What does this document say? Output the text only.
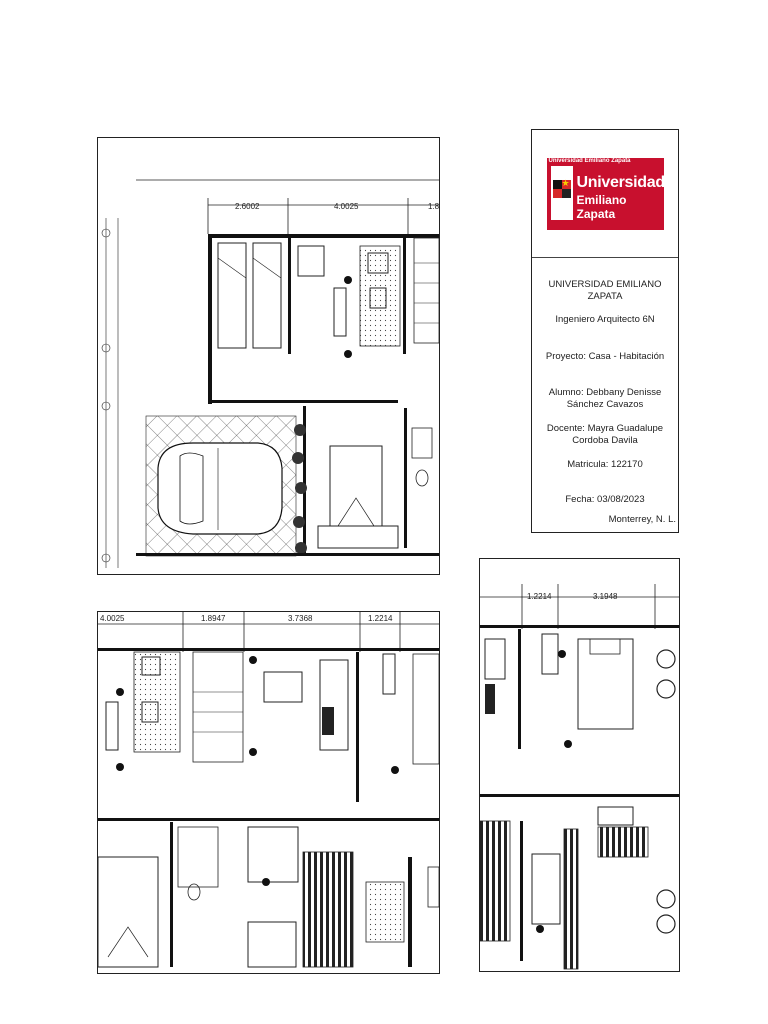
2.6002	4.0025	1.8
4.0025	1.8947	3.7368	1.2214
1.2214	3.1948
Universidad Emiliano Zapata
★ Universidad
Emiliano Zapata
UNIVERSIDAD EMILIANO ZAPATA
Ingeniero Arquitecto 6N
Proyecto: Casa - Habitación
Alumno: Debbany Denisse Sánchez Cavazos
Docente: Mayra Guadalupe Cordoba Davila
Matricula: 122170
Fecha: 03/08/2023
Monterrey, N. L.
